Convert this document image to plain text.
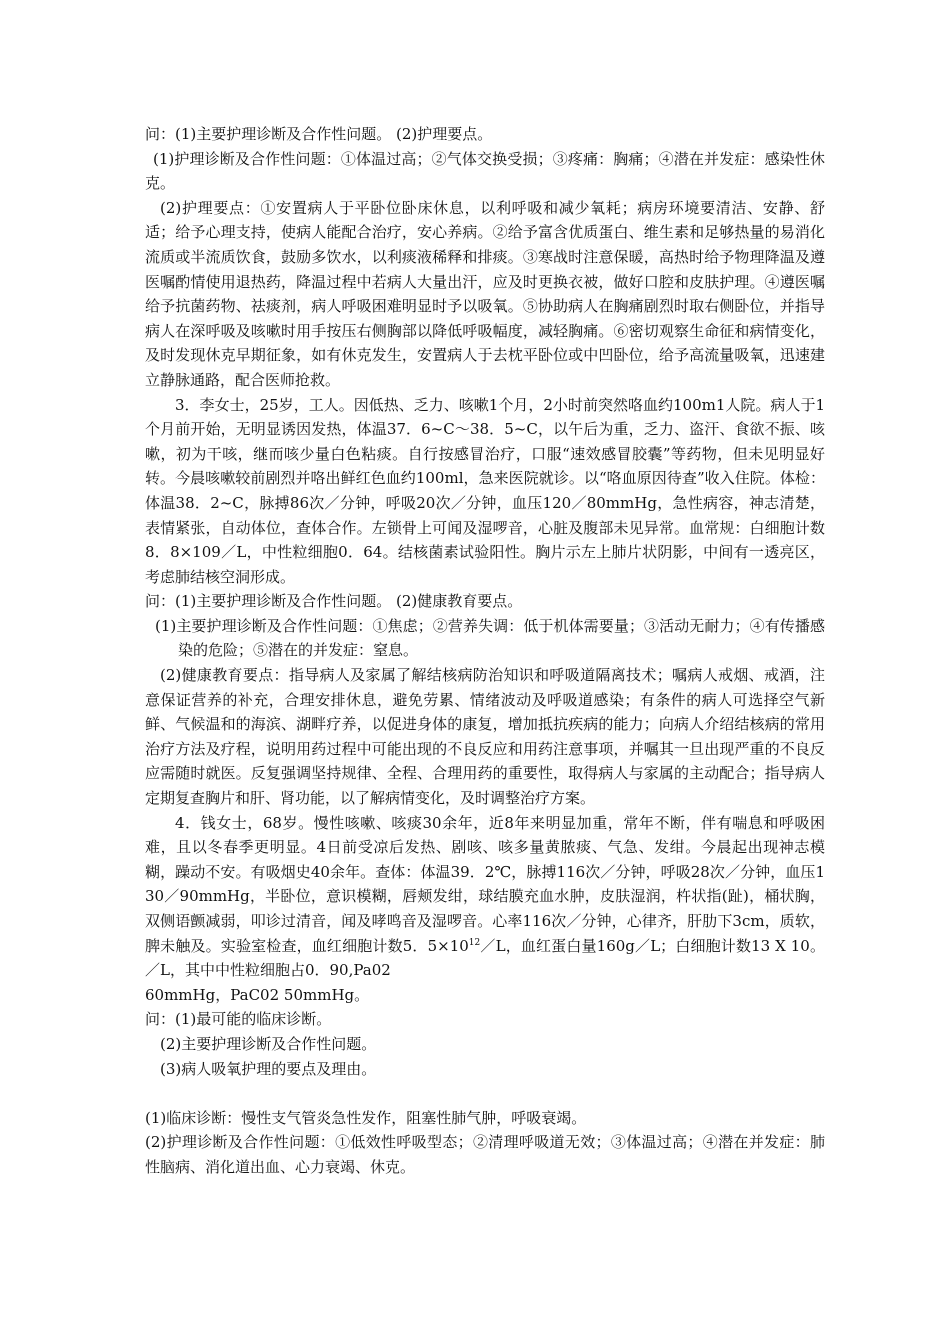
问：(1)主要护理诊断及合作性问题。 (2)护理要点。

(1)护理诊断及合作性问题：①体温过高；②气体交换受损；③疼痛：胸痛；④潜在并发症：感染性休克。

(2)护理要点：①安置病人于平卧位卧床休息，以利呼吸和减少氧耗；病房环境要清洁、安静、舒适；给予心理支持，使病人能配合治疗，安心养病。②给予富含优质蛋白、维生素和足够热量的易消化流质或半流质饮食，鼓励多饮水，以利痰液稀释和排痰。③寒战时注意保暖，高热时给予物理降温及遵医嘱酌情使用退热药，降温过程中若病人大量出汗，应及时更换衣被，做好口腔和皮肤护理。④遵医嘱给予抗菌药物、祛痰剂，病人呼吸困难明显时予以吸氧。⑤协助病人在胸痛剧烈时取右侧卧位，并指导病人在深呼吸及咳嗽时用手按压右侧胸部以降低呼吸幅度，减轻胸痛。⑥密切观察生命征和病情变化，及时发现休克早期征象，如有休克发生，安置病人于去枕平卧位或中凹卧位，给予高流量吸氧，迅速建立静脉通路，配合医师抢救。

3．李女士，25岁，工人。因低热、乏力、咳嗽1个月，2小时前突然咯血约100m1人院。病人于1个月前开始，无明显诱因发热，体温37．6~C～38．5~C，以午后为重，乏力、盗汗、食欲不振、咳嗽，初为干咳，继而咳少量白色粘痰。自行按感冒治疗，口服“速效感冒胶囊”等药物，但未见明显好转。今晨咳嗽较前剧烈并咯出鲜红色血约100ml，急来医院就诊。以“咯血原因待查”收入住院。体检：体温38．2~C，脉搏86次／分钟，呼吸20次／分钟，血压120／80mmHg，急性病容，神志清楚，表情紧张，自动体位，查体合作。左锁骨上可闻及湿啰音，心脏及腹部未见异常。血常规：白细胞计数8．8×109／L，中性粒细胞0．64。结核菌素试验阳性。胸片示左上肺片状阴影，中间有一透亮区，考虑肺结核空洞形成。

问：(1)主要护理诊断及合作性问题。 (2)健康教育要点。

(1)主要护理诊断及合作性问题：①焦虑；②营养失调：低于机体需要量；③活动无耐力；④有传播感染的危险；⑤潜在的并发症：窒息。

(2)健康教育要点：指导病人及家属了解结核病防治知识和呼吸道隔离技术；嘱病人戒烟、戒酒，注意保证营养的补充，合理安排休息，避免劳累、情绪波动及呼吸道感染；有条件的病人可选择空气新鲜、气候温和的海滨、湖畔疗养，以促进身体的康复，增加抵抗疾病的能力；向病人介绍结核病的常用治疗方法及疗程，说明用药过程中可能出现的不良反应和用药注意事项，并嘱其一旦出现严重的不良反应需随时就医。反复强调坚持规律、全程、合理用药的重要性，取得病人与家属的主动配合；指导病人定期复查胸片和肝、肾功能，以了解病情变化，及时调整治疗方案。

4．钱女士，68岁。慢性咳嗽、咳痰30余年，近8年来明显加重，常年不断，伴有喘息和呼吸困难，且以冬春季更明显。4日前受凉后发热、剧咳、咳多量黄脓痰、气急、发绀。今晨起出现神志模糊，躁动不安。有吸烟史40余年。查体：体温39．2℃，脉搏116次／分钟，呼吸28次／分钟，血压130／90mmHg，半卧位，意识模糊，唇颊发绀，球结膜充血水肿，皮肤湿润，杵状指(趾)，桶状胸，双侧语颤减弱，叩诊过清音，闻及哮鸣音及湿啰音。心率116次／分钟，心律齐，肝肋下3cm，质软，脾未触及。实验室检查，血红细胞计数5．$5\times 10^{12}/L$，血红蛋白量160g／L；白细胞计数13 X 10。／L，其中中性粒细胞占0．90,Pa02

60mmHg，PaC02 50mmHg。

问：(1)最可能的临床诊断。

(2)主要护理诊断及合作性问题。

(3)病人吸氧护理的要点及理由。

(1)临床诊断：慢性支气管炎急性发作，阻塞性肺气肿，呼吸衰竭。

(2)护理诊断及合作性问题：①低效性呼吸型态；②清理呼吸道无效；③体温过高；④潜在并发症：肺性脑病、消化道出血、心力衰竭、休克。
